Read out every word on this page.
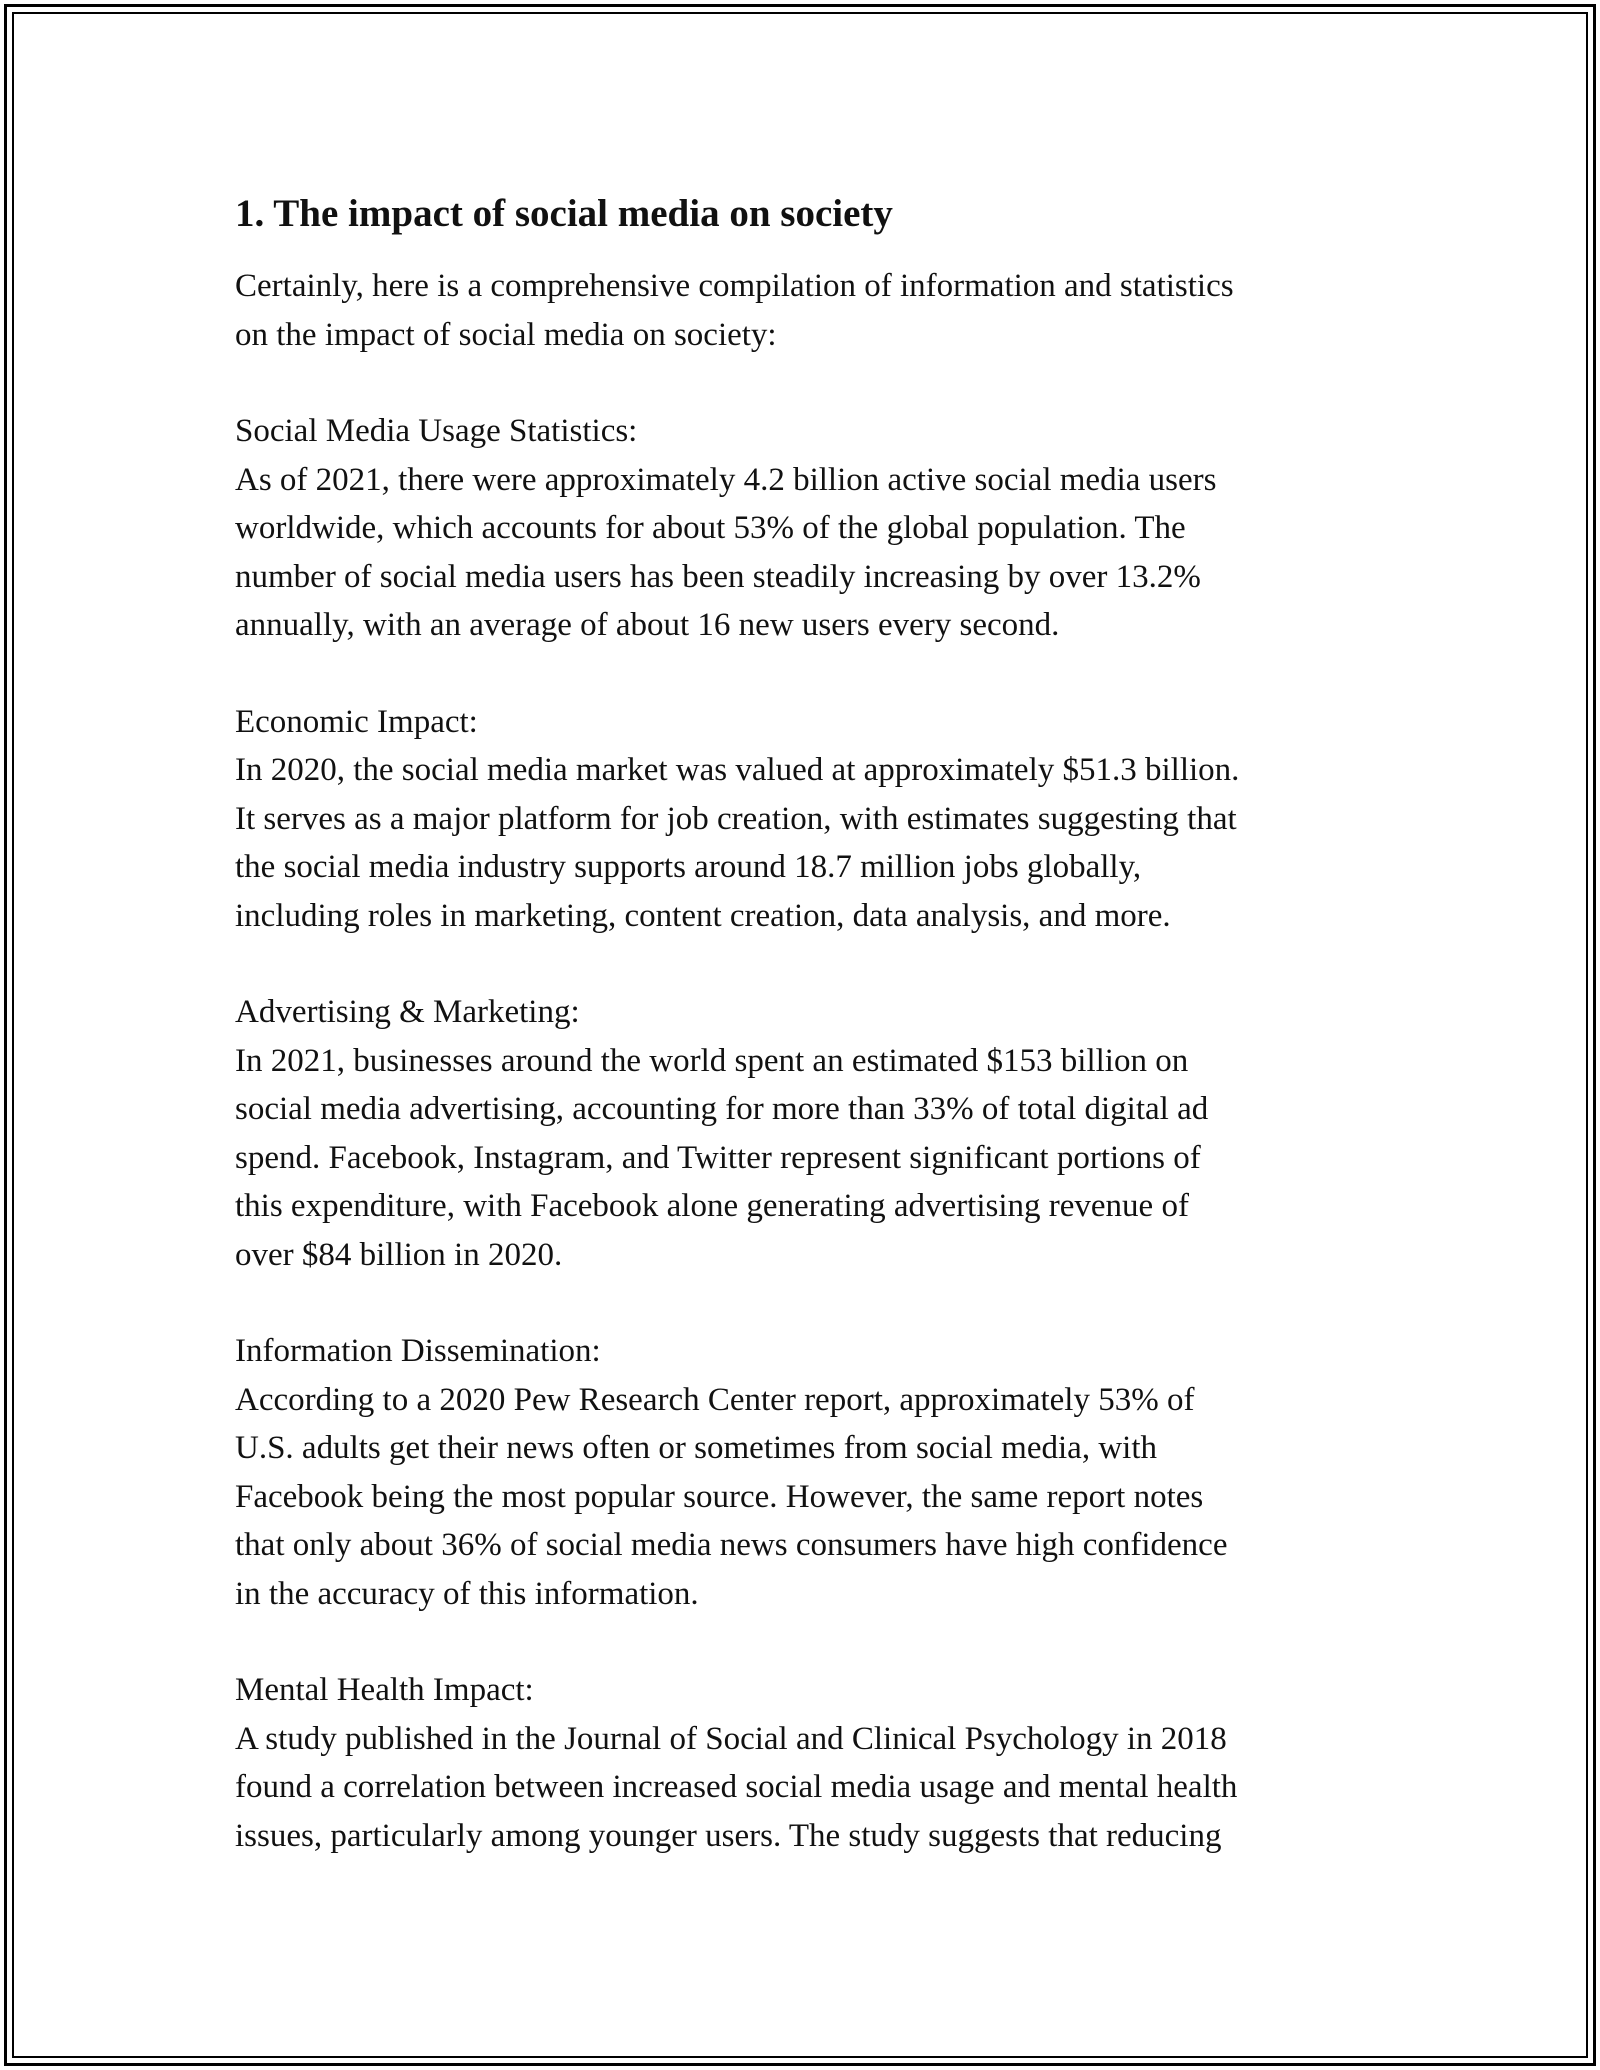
1. The impact of social media on society

Certainly, here is a comprehensive compilation of information and statistics
on the impact of social media on society:

Social Media Usage Statistics:

As of 2021, there were approximately 4.2 billion active social media users
worldwide, which accounts for about 53% of the global population. The
number of social media users has been steadily increasing by over 13.2%
annually, with an average of about 16 new users every second.

Economic Impact:

In 2020, the social media market was valued at approximately $51.3 billion.
It serves as a major platform for job creation, with estimates suggesting that
the social media industry supports around 18.7 million jobs globally,
including roles in marketing, content creation, data analysis, and more.

Advertising & Marketing:

In 2021, businesses around the world spent an estimated $153 billion on
social media advertising, accounting for more than 33% of total digital ad
spend. Facebook, Instagram, and Twitter represent significant portions of
this expenditure, with Facebook alone generating advertising revenue of
over $84 billion in 2020.

Information Dissemination:

According to a 2020 Pew Research Center report, approximately 53% of
U.S. adults get their news often or sometimes from social media, with
Facebook being the most popular source. However, the same report notes
that only about 36% of social media news consumers have high confidence
in the accuracy of this information.

Mental Health Impact:

A study published in the Journal of Social and Clinical Psychology in 2018
found a correlation between increased social media usage and mental health
issues, particularly among younger users. The study suggests that reducing
